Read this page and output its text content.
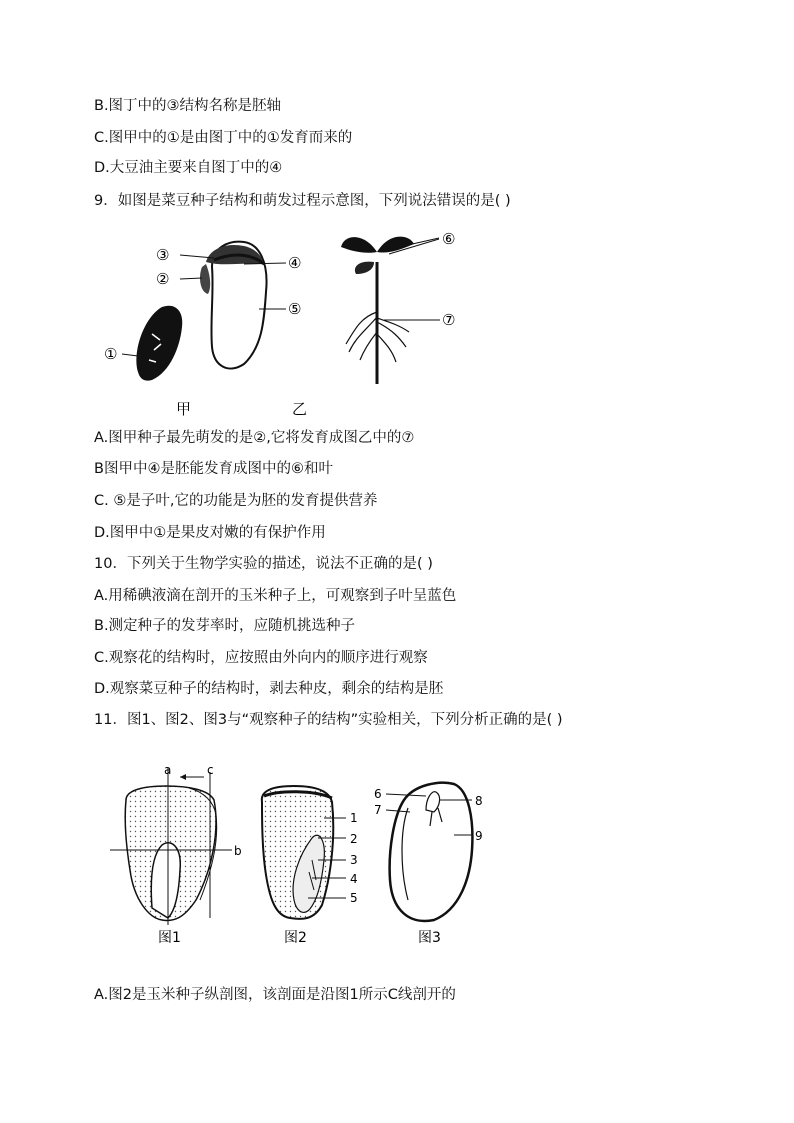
B.图丁中的③结构名称是胚轴
C.图甲中的①是由图丁中的①发育而来的
D.大豆油主要来自图丁中的④
9．如图是菜豆种子结构和萌发过程示意图，下列说法错误的是( )
①
③
②
④
⑤
⑥
⑦
甲	乙
A.图甲种子最先萌发的是②,它将发育成图乙中的⑦
B图甲中④是胚能发育成图中的⑥和叶
C. ⑤是子叶,它的功能是为胚的发育提供营养
D.图甲中①是果皮对嫩的有保护作用
10．下列关于生物学实验的描述，说法不正确的是( )
A.用稀碘液滴在剖开的玉米种子上，可观察到子叶呈蓝色
B.测定种子的发芽率时，应随机挑选种子
C.观察花的结构时，应按照由外向内的顺序进行观察
D.观察菜豆种子的结构时，剥去种皮，剩余的结构是胚
11．图1、图2、图3与“观察种子的结构”实验相关，下列分析正确的是( )
a	c
b
图1
1
2
3
4
5
图2
6
7
8
9
图3
A.图2是玉米种子纵剖图，该剖面是沿图1所示C线剖开的
